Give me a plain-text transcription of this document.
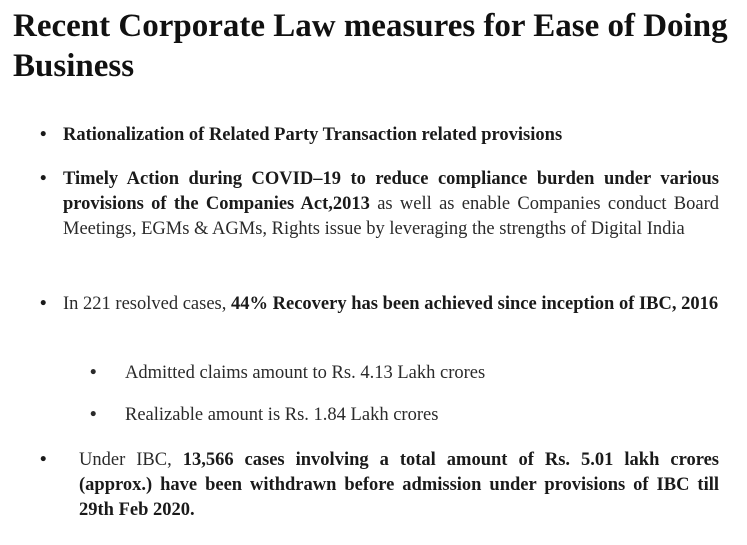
Recent Corporate Law measures for Ease of Doing Business
• Rationalization of Related Party Transaction related provisions
• Timely Action during COVID–19 to reduce compliance burden under various provisions of the Companies Act,2013 as well as enable Companies conduct Board Meetings, EGMs & AGMs, Rights issue by leveraging the strengths of Digital India
• In 221 resolved cases, 44% Recovery has been achieved since inception of IBC, 2016
• Admitted claims amount to Rs. 4.13 Lakh crores
• Realizable amount is Rs. 1.84 Lakh crores
• Under IBC, 13,566 cases involving a total amount of Rs. 5.01 lakh crores (approx.) have been withdrawn before admission under provisions of IBC till 29th Feb 2020.
